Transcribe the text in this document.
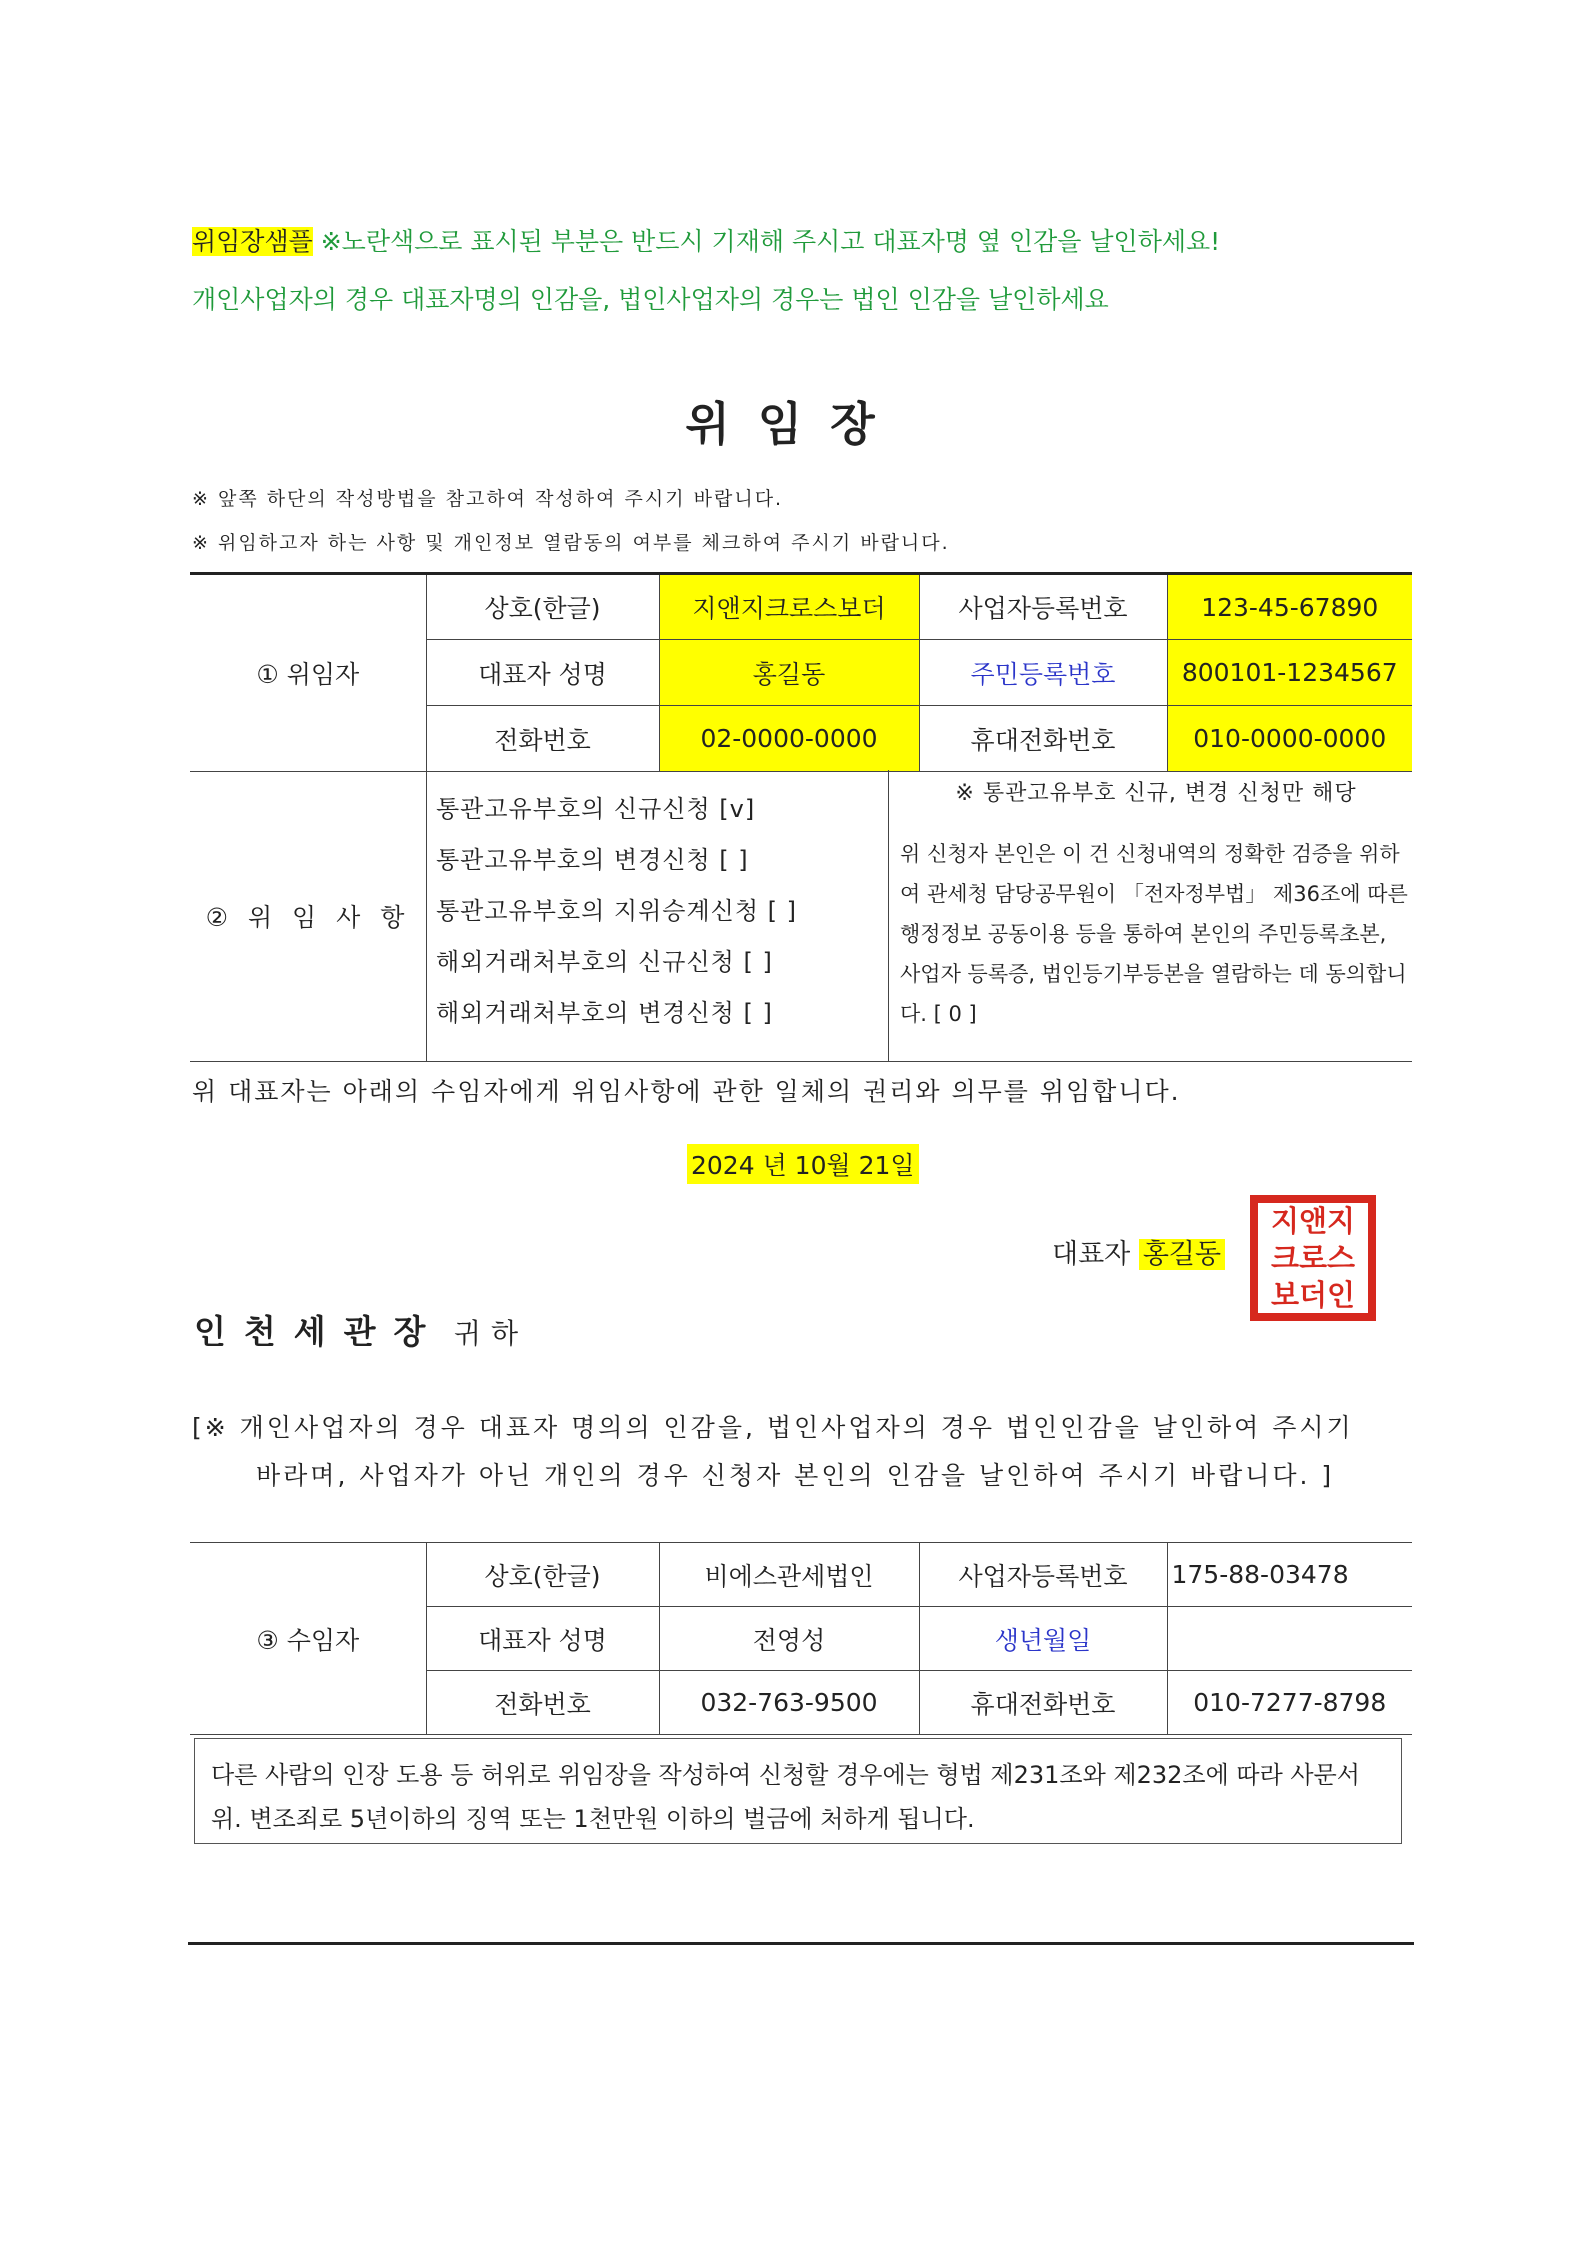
위임장샘플 ※노란색으로 표시된 부분은 반드시 기재해 주시고 대표자명 옆 인감을 날인하세요!
개인사업자의 경우 대표자명의 인감을, 법인사업자의 경우는 법인 인감을 날인하세요
위임장
※ 앞쪽 하단의 작성방법을 참고하여 작성하여 주시기 바랍니다.
※ 위임하고자 하는 사항 및 개인정보 열람동의 여부를 체크하여 주시기 바랍니다.
① 위임자	상호(한글)	지앤지크로스보더	사업자등록번호	123-45-67890
	대표자 성명	홍길동	주민등록번호	800101-1234567
	전화번호	02-0000-0000	휴대전화번호	010-0000-0000
② 위 임 사 항
통관고유부호의 신규신청 [v]
통관고유부호의 변경신청 [ ]
통관고유부호의 지위승계신청 [ ]
해외거래처부호의 신규신청 [ ]
해외거래처부호의 변경신청 [ ]
※ 통관고유부호 신규, 변경 신청만 해당
위 신청자 본인은 이 건 신청내역의 정확한 검증을 위하여 관세청 담당공무원이 「전자정부법」 제36조에 따른 행정정보 공동이용 등을 통하여 본인의 주민등록초본, 사업자 등록증, 법인등기부등본을 열람하는 데 동의합니다. [ 0 ]
위 대표자는 아래의 수임자에게 위임사항에 관한 일체의 권리와 의무를 위임합니다.
2024 년 10월 21일
대표자 홍길동
지앤지
크로스
보더인
인천세관장 귀하
[※ 개인사업자의 경우 대표자 명의의 인감을, 법인사업자의 경우 법인인감을 날인하여 주시기
바라며, 사업자가 아닌 개인의 경우 신청자 본인의 인감을 날인하여 주시기 바랍니다. ]
③ 수임자	상호(한글)	비에스관세법인	사업자등록번호	175-88-03478
	대표자 성명	전영성	생년월일	
	전화번호	032-763-9500	휴대전화번호	010-7277-8798
다른 사람의 인장 도용 등 허위로 위임장을 작성하여 신청할 경우에는 형법 제231조와 제232조에 따라 사문서위. 변조죄로 5년이하의 징역 또는 1천만원 이하의 벌금에 처하게 됩니다.
